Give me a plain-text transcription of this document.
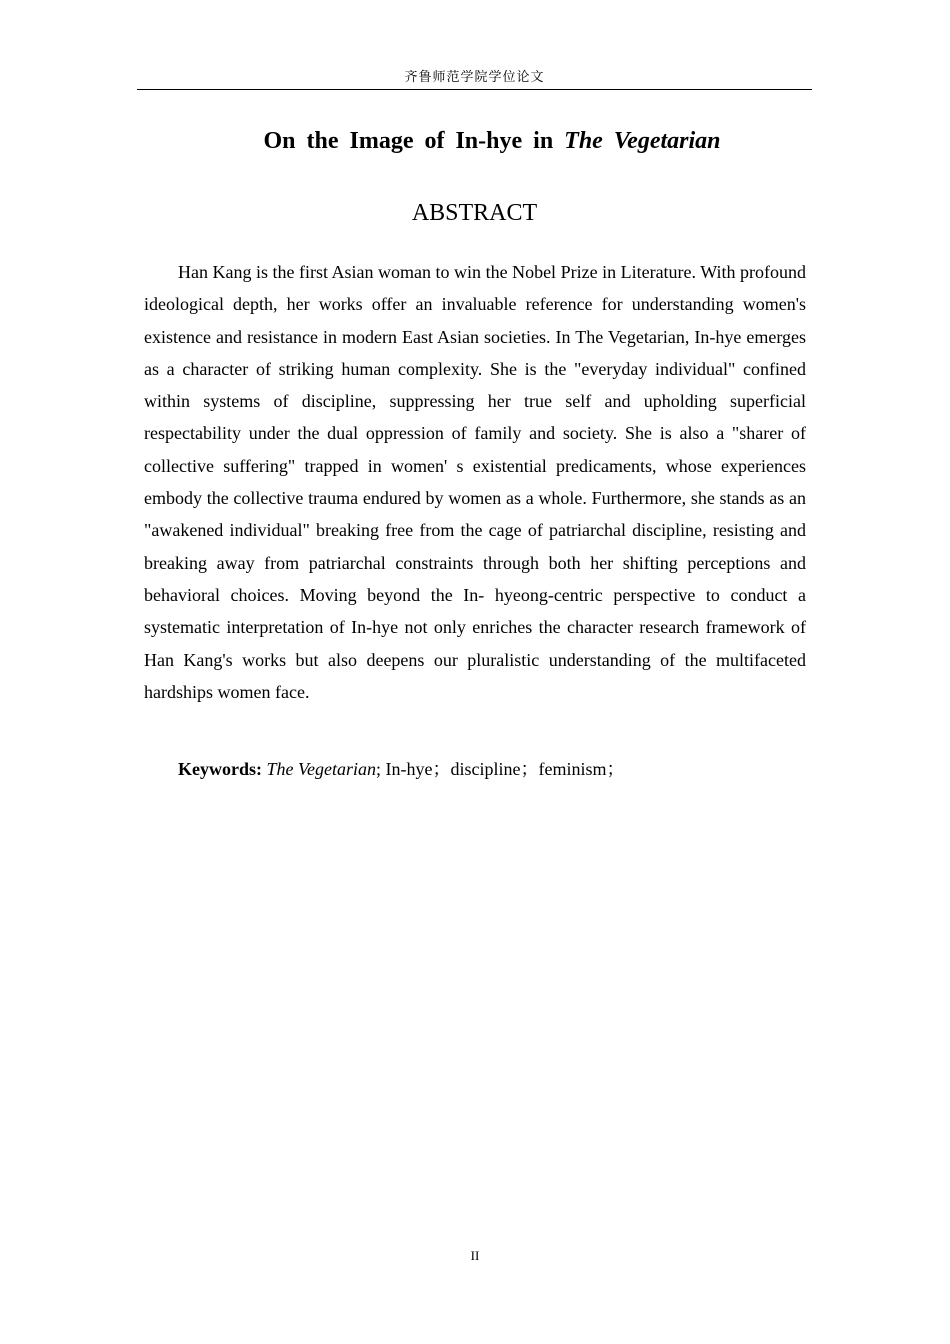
齐鲁师范学院学位论文
On the Image of In-hye in The Vegetarian
ABSTRACT

Han Kang is the first Asian woman to win the Nobel Prize in Literature. With profound ideological depth, her works offer an invaluable reference for understanding women's existence and resistance in modern East Asian societies. In The Vegetarian, In-hye emerges as a character of striking human complexity. She is the "everyday individual" confined within systems of discipline, suppressing her true self and upholding superficial respectability under the dual oppression of family and society. She is also a "sharer of collective suffering" trapped in women' s existential predicaments, whose experiences embody the collective trauma endured by women as a whole. Furthermore, she stands as an "awakened individual" breaking free from the cage of patriarchal discipline, resisting and breaking away from patriarchal constraints through both her shifting perceptions and behavioral choices. Moving beyond the In- hyeong-centric perspective to conduct a systematic interpretation of In-hye not only enriches the character research framework of Han Kang's works but also deepens our pluralistic understanding of the multifaceted hardships women face.

Keywords: The Vegetarian; In-hye；discipline；feminism；

II
